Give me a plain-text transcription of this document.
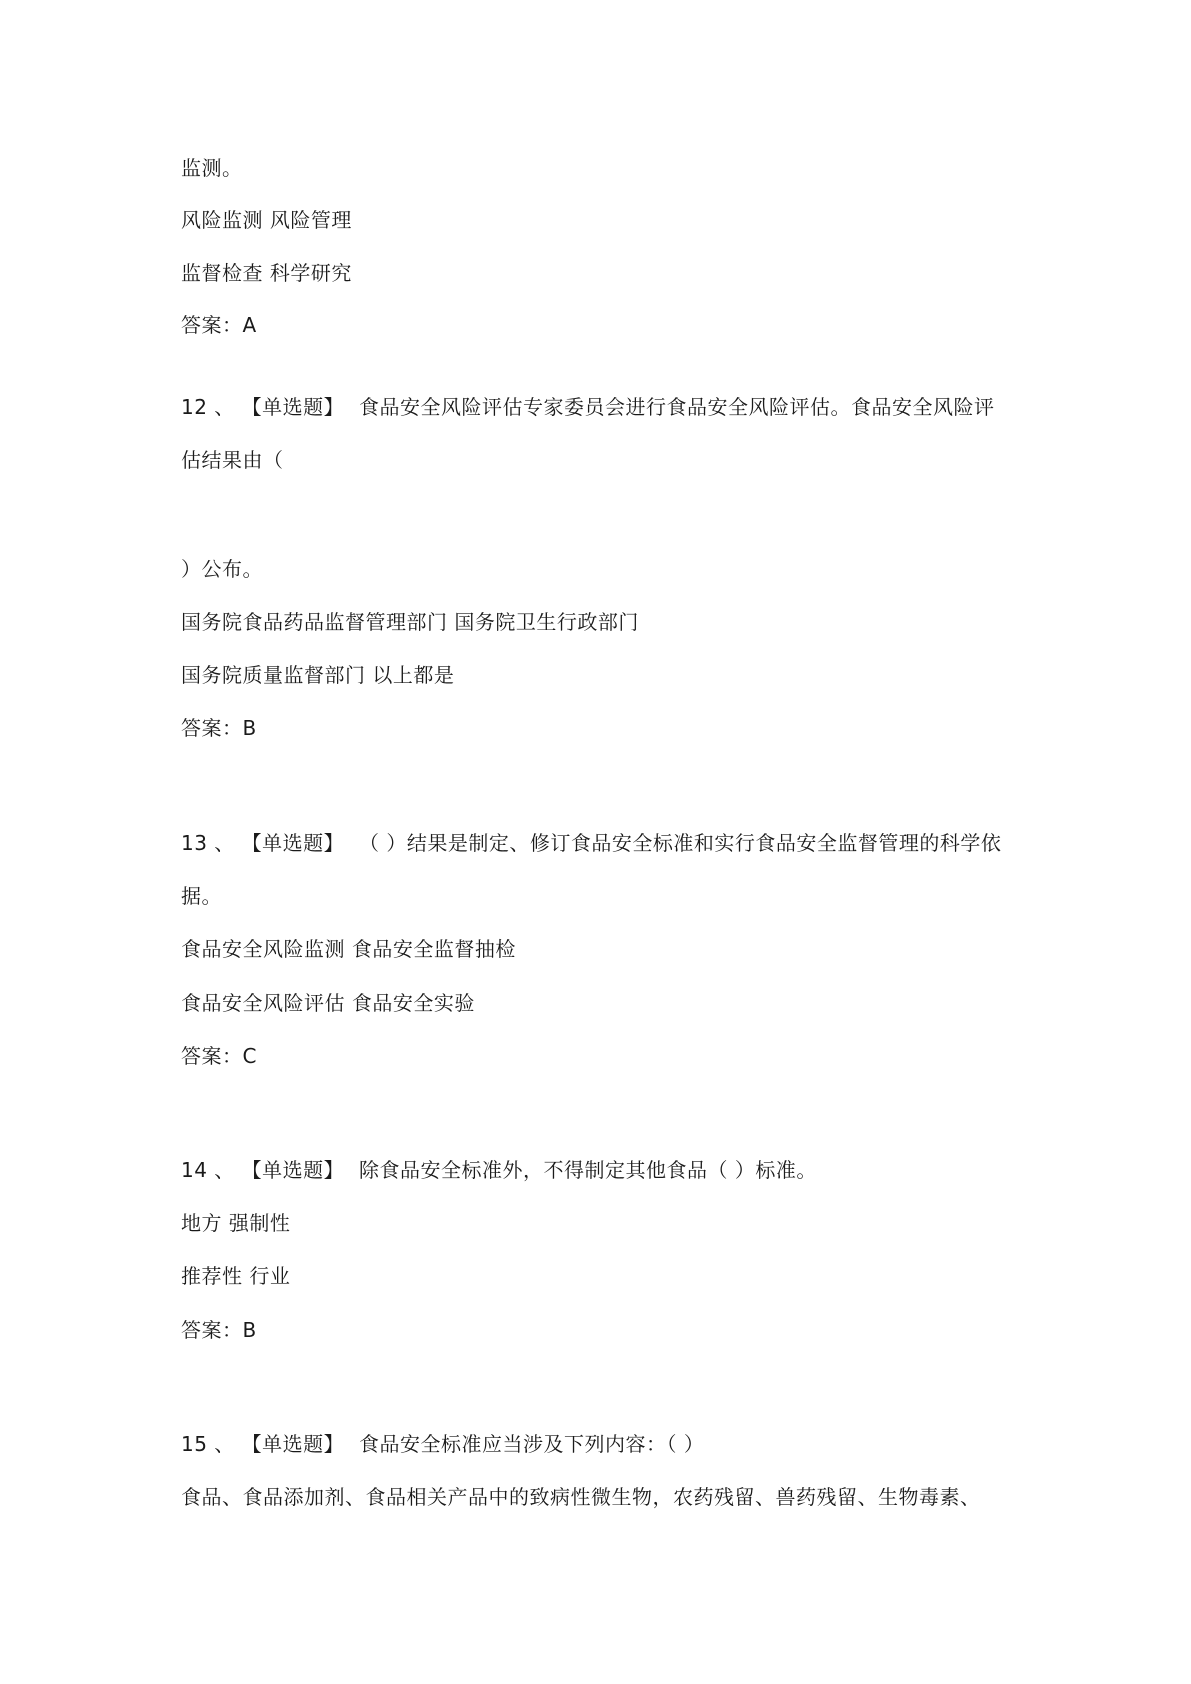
监测。

风险监测 风险管理

监督检查 科学研究

答案：A

12 、 【单选题】 食品安全风险评估专家委员会进行食品安全风险评估。食品安全风险评

估结果由（

）公布。

国务院食品药品监督管理部门 国务院卫生行政部门

国务院质量监督部门 以上都是

答案：B

13 、 【单选题】 （ ）结果是制定、修订食品安全标准和实行食品安全监督管理的科学依

据。

食品安全风险监测 食品安全监督抽检

食品安全风险评估 食品安全实验

答案：C

14 、 【单选题】 除食品安全标准外，不得制定其他食品（ ）标准。

地方 强制性

推荐性 行业

答案：B

15 、 【单选题】 食品安全标准应当涉及下列内容：（ ）

食品、食品添加剂、食品相关产品中的致病性微生物，农药残留、兽药残留、生物毒素、
